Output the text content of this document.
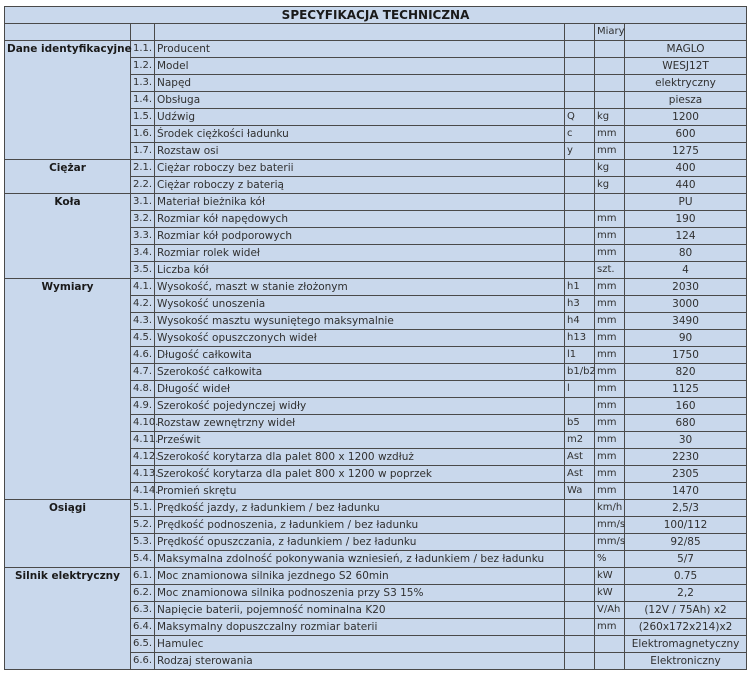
SPECYFIKACJA TECHNICZNA					
				Miary	
Dane identyfikacyjne	1.1.	Producent			MAGLO
	1.2.	Model			WESJ12T
	1.3.	Napęd			elektryczny
	1.4.	Obsługa			piesza
	1.5.	Udźwig	Q	kg	1200
	1.6.	Środek ciężkości ładunku	c	mm	600
	1.7.	Rozstaw osi	y	mm	1275
Ciężar	2.1.	Ciężar roboczy bez baterii		kg	400
	2.2.	Ciężar roboczy z baterią		kg	440
Koła	3.1.	Materiał bieżnika kół			PU
	3.2.	Rozmiar kół napędowych		mm	190
	3.3.	Rozmiar kół podporowych		mm	124
	3.4.	Rozmiar rolek wideł		mm	80
	3.5.	Liczba kół		szt.	4
Wymiary	4.1.	Wysokość, maszt w stanie złożonym	h1	mm	2030
	4.2.	Wysokość unoszenia	h3	mm	3000
	4.3.	Wysokość masztu wysuniętego maksymalnie	h4	mm	3490
	4.5.	Wysokość opuszczonych wideł	h13	mm	90
	4.6.	Długość całkowita	l1	mm	1750
	4.7.	Szerokość całkowita	b1/b2	mm	820
	4.8.	Długość wideł	l	mm	1125
	4.9.	Szerokość pojedynczej widły		mm	160
	4.10.	Rozstaw zewnętrzny wideł	b5	mm	680
	4.11.	Prześwit	m2	mm	30
	4.12.	Szerokość korytarza dla palet 800 x 1200 wzdłuż	Ast	mm	2230
	4.13.	Szerokość korytarza dla palet 800 x 1200 w poprzek	Ast	mm	2305
	4.14.	Promień skrętu	Wa	mm	1470
Osiągi	5.1.	Prędkość jazdy, z ładunkiem / bez ładunku		km/h	2,5/3
	5.2.	Prędkość podnoszenia, z ładunkiem / bez ładunku		mm/s	100/112
	5.3.	Prędkość opuszczania, z ładunkiem / bez ładunku		mm/s	92/85
	5.4.	Maksymalna zdolność pokonywania wzniesień, z ładunkiem / bez ładunku		%	5/7
Silnik elektryczny	6.1.	Moc znamionowa silnika jezdnego S2 60min		kW	0.75
	6.2.	Moc znamionowa silnika podnoszenia przy S3 15%		kW	2,2
	6.3.	Napięcie baterii, pojemność nominalna K20		V/Ah	(12V / 75Ah) x2
	6.4.	Maksymalny dopuszczalny rozmiar baterii		mm	(260x172x214)x2
	6.5.	Hamulec			Elektromagnetyczny
	6.6.	Rodzaj sterowania			Elektroniczny
